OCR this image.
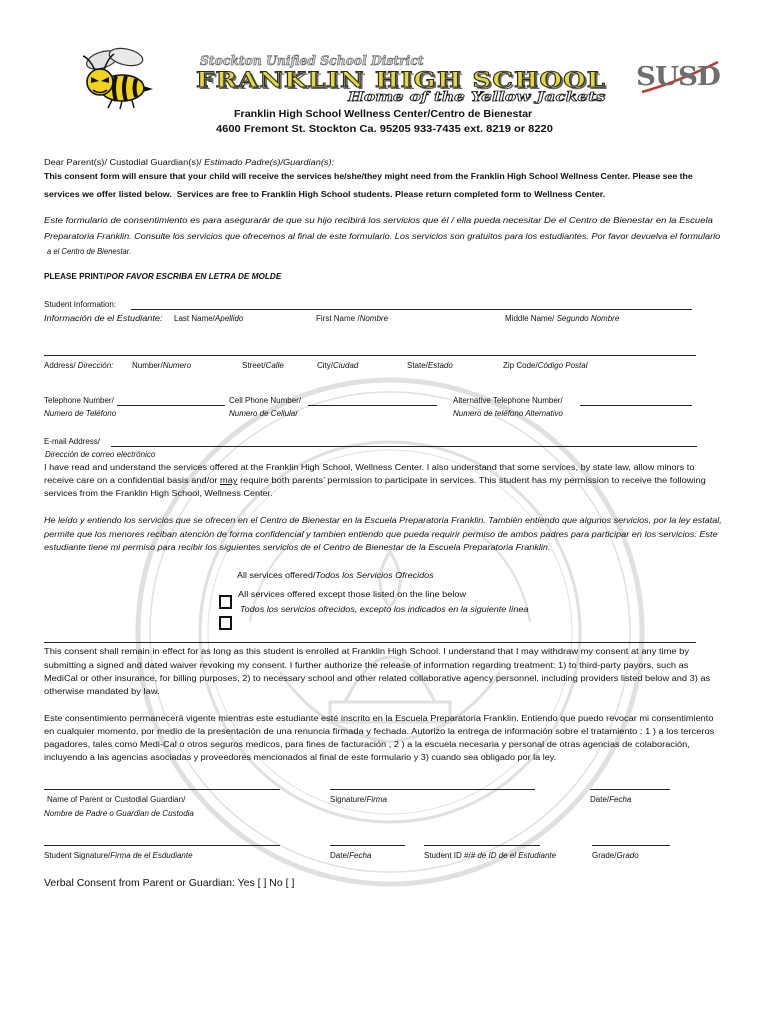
Stockton Unified School District
FRANKLIN HIGH SCHOOL
Home of the Yellow Jackets
SUSD
Franklin High School Wellness Center/Centro de Bienestar
4600 Fremont St. Stockton Ca. 95205 933-7435 ext. 8219 or 8220
Dear Parent(s)/ Custodial Guardian(s)/ Estimado Padre(s)/Guardian(s):
This consent form will ensure that your child will receive the services he/she/they might need from the Franklin High School Wellness Center. Please see the
services we offer listed below.  Services are free to Franklin High School students. Please return completed form to Wellness Center.
Este formulario de consentimiento es para asegurarár de que su hijo recibirá los servicios que él / ella pueda necesitar De el Centro de Bienestar en la Escuela
Preparatoria Franklin. Consulte los servicios que ofrecemos al final de este formulario. Los servicios son gratuitos para los estudiantes. Por favor devuelva el formulario
a el Centro de Bienestar.
PLEASE PRINT/POR FAVOR ESCRIBA EN LETRA DE MOLDE
Student Information:
Información de el Estudiante: Last Name/Apellido	First Name /Nombre	Middle Name/ Segundo Nombre
Address/ Dirección: Number/Numero	Street/Calle	City/Ciudad	State/Estado	Zip Code/Código Postal
Telephone Number/	Cell Phone Number/	Alternative Telephone Number/
Numero de Teléfono	Numero de Cellular	Numero de teléfono Alternativo
E-mail Address/
Dirección de correo electrónico
I have read and understand the services offered at the Franklin High School, Wellness Center. I also understand that some services, by state law, allow minors to
receive care on a confidential basis and/or may require both parents’ permission to participate in services. This student has my permission to receive the following
services from the Franklin High School, Wellness Center.
He leído y entiendo los servicios que se ofrecen en el Centro de Bienestar en la Escuela Preparatoria Franklin. También entiendo que algunos servicios, por la ley estatal,
permite que los menores reciban atención de forma confidencial y tambien entiendo que pueda requirir permiso de ambos padres para participar en los servicios. Este
estudiante tiene mi permiso para recibir los siguientes servicios de el Centro de Bienestar de la Escuela Preparatoria Franklin.
All services offered/Todos los Servicios Ofrecidos
All services offered except those listed on the line below
Todos los servicios ofrecidos, excepto los indicados en la siguiente línea
This consent shall remain in effect for as long as this student is enrolled at Franklin High School. I understand that I may withdraw my consent at any time by
submitting a signed and dated waiver revoking my consent. I further authorize the release of information regarding treatment: 1) to third-party payors, such as
MediCal or other insurance, for billing purposes, 2) to necessary school and other related collaborative agency personnel, including providers listed below and 3) as
otherwise mandated by law.
Este consentimiento permanecerá vigente mientras este estudiante esté inscrito en la Escuela Preparatoria Franklin. Entiendo que puedo revocar mi consentimiento
en cualquier momento, por medio de la presentación de una renuncia firmada y fechada. Autorizo la entrega de información sobre el tratamiento : 1 ) a los terceros
pagadores, tales como Medi-Cal o otros seguros medicos, para fines de facturación , 2 ) a la escuela necesaria y personal de otras agencias de colaboración,
incluyendo a las agencias asociadas y proveedores mencionados al final de este formulario y 3) cuando sea obligado por la ley.
Name of Parent or Custodial Guardian/	Signature/Firma	Date/Fecha
Nombre de Padre o Guardian de Custodia
Student Signature/Firma de el Esdudiante	Date/Fecha	Student ID #/# de ID de el Estudiante	Grade/Grado
Verbal Consent from Parent or Guardian: Yes [ ] No [ ]
